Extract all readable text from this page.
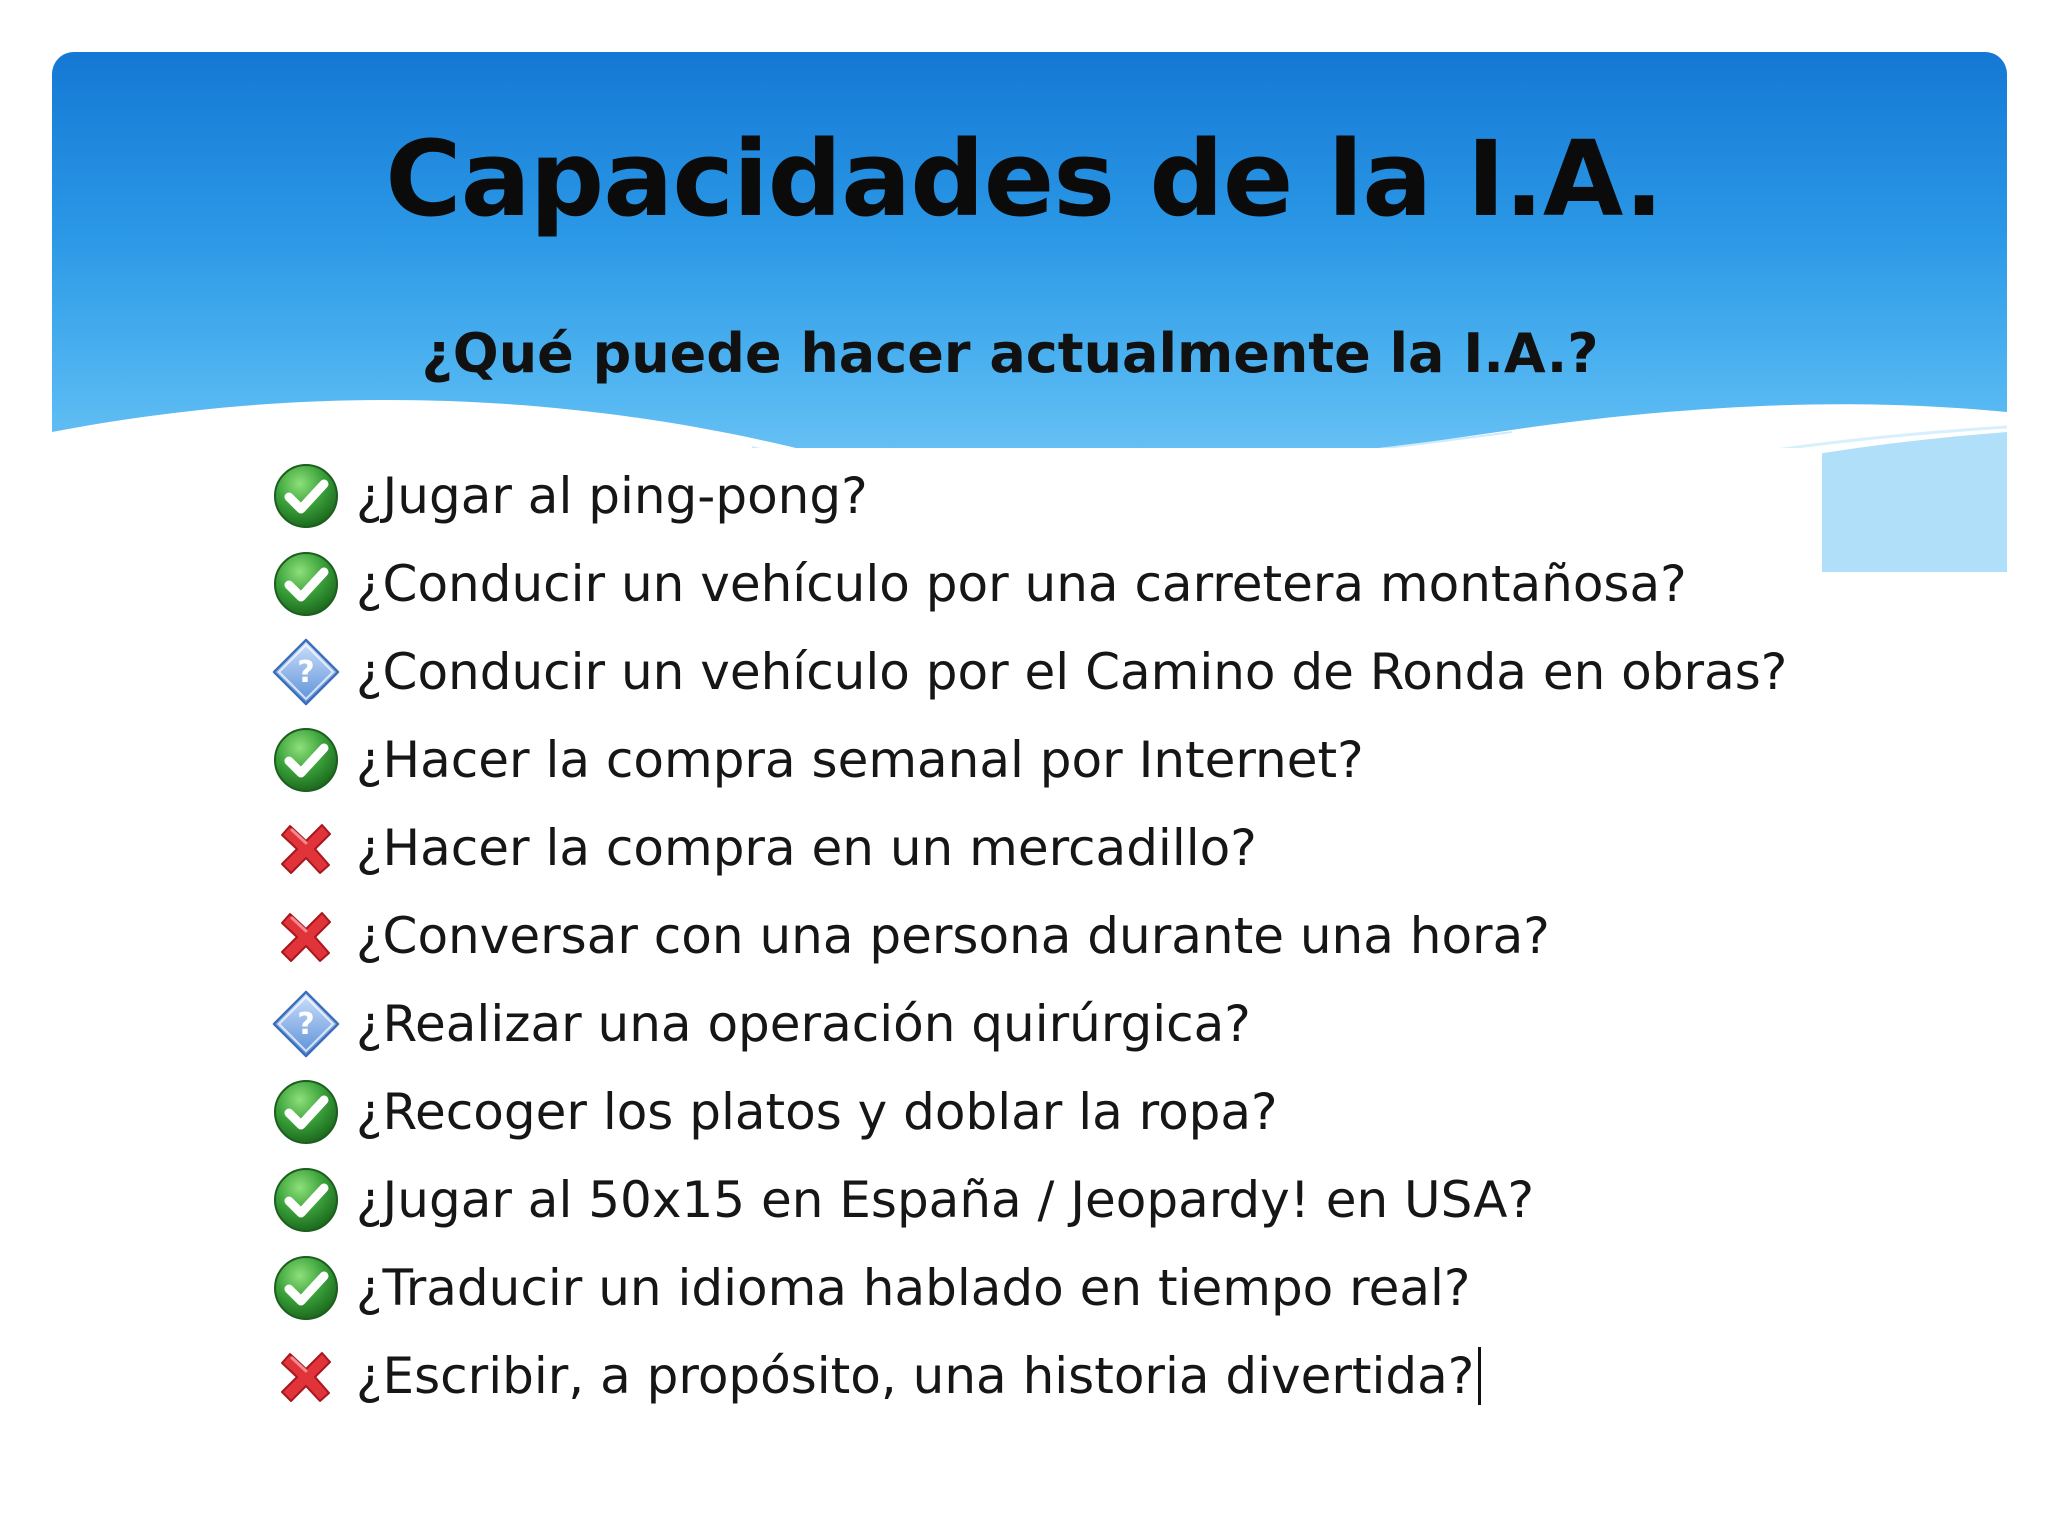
Capacidades de la I.A.
¿Qué puede hacer actualmente la I.A.?
¿Jugar al ping-pong?
¿Conducir un vehículo por una carretera montañosa?
? ¿Conducir un vehículo por el Camino de Ronda en obras?
¿Hacer la compra semanal por Internet?
¿Hacer la compra en un mercadillo?
¿Conversar con una persona durante una hora?
? ¿Realizar una operación quirúrgica?
¿Recoger los platos y doblar la ropa?
¿Jugar al 50x15 en España / Jeopardy! en USA?
¿Traducir un idioma hablado en tiempo real?
¿Escribir, a propósito, una historia divertida?
